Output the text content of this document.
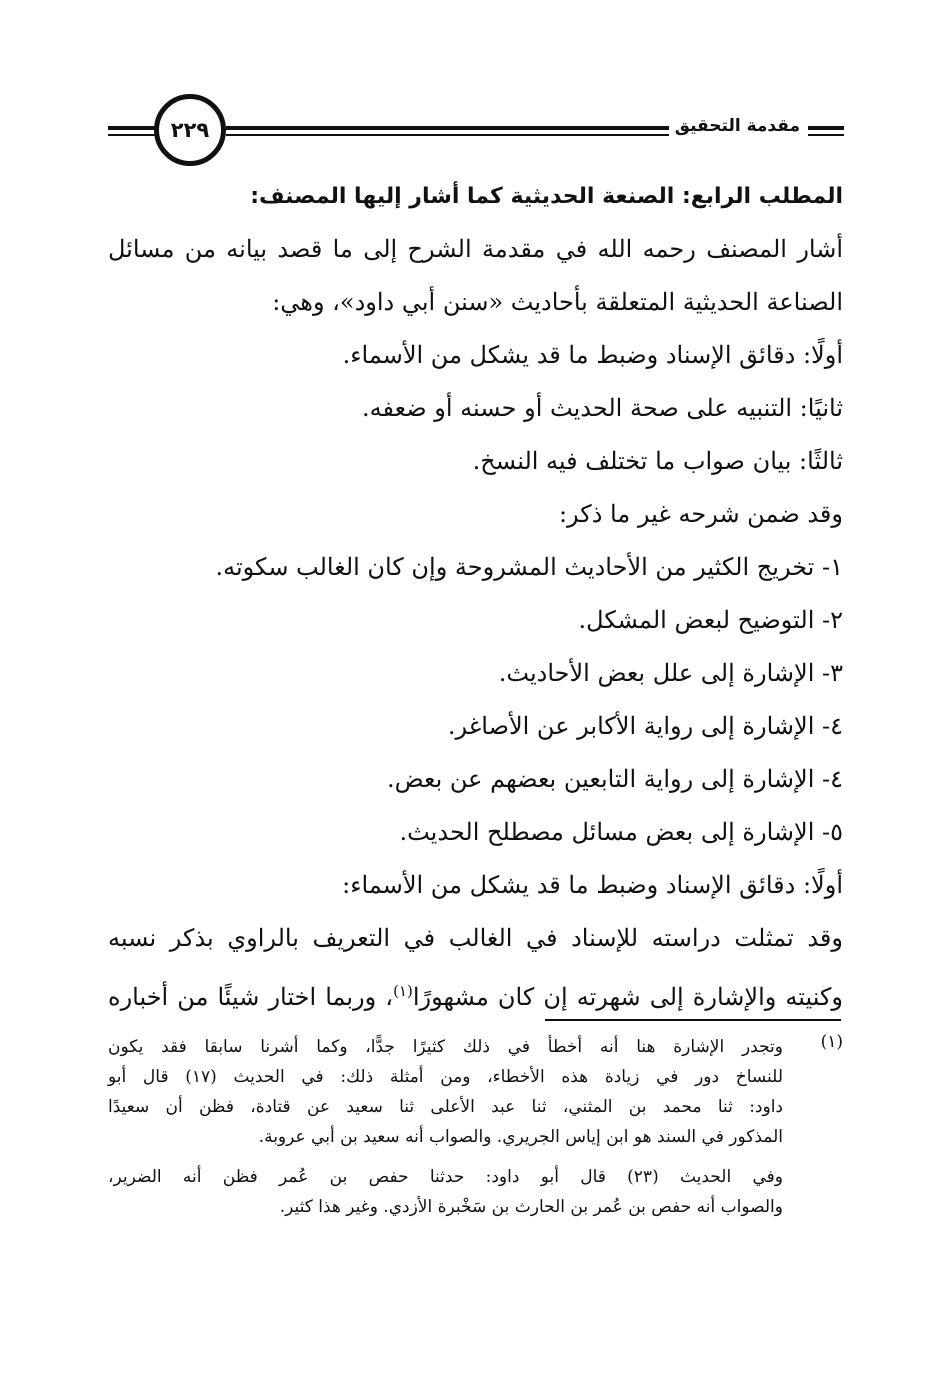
٢٢٩	مقدمة التحقيق
المطلب الرابع: الصنعة الحديثية كما أشار إليها المصنف:
أشار المصنف رحمه الله في مقدمة الشرح إلى ما قصد بيانه من مسائل
الصناعة الحديثية المتعلقة بأحاديث «سنن أبي داود»، وهي:
أولًا: دقائق الإسناد وضبط ما قد يشكل من الأسماء.
ثانيًا: التنبيه على صحة الحديث أو حسنه أو ضعفه.
ثالثًا: بيان صواب ما تختلف فيه النسخ.
وقد ضمن شرحه غير ما ذكر:
١- تخريج الكثير من الأحاديث المشروحة وإن كان الغالب سكوته.
٢- التوضيح لبعض المشكل.
٣- الإشارة إلى علل بعض الأحاديث.
٤- الإشارة إلى رواية الأكابر عن الأصاغر.
٤- الإشارة إلى رواية التابعين بعضهم عن بعض.
٥- الإشارة إلى بعض مسائل مصطلح الحديث.
أولًا: دقائق الإسناد وضبط ما قد يشكل من الأسماء:
وقد تمثلت دراسته للإسناد في الغالب في التعريف بالراوي بذكر نسبه
وكنيته والإشارة إلى شهرته إن كان مشهورًا$^{(١)}$، وربما اختار شيئًا من أخباره
(١)
وتجدر الإشارة هنا أنه أخطأ في ذلك كثيرًا جدًّا، وكما أشرنا سابقا فقد يكون
للنساخ دور في زيادة هذه الأخطاء، ومن أمثلة ذلك: في الحديث (١٧) قال أبو
داود: ثنا محمد بن المثني، ثنا عبد الأعلى ثنا سعيد عن قتادة، فظن أن سعيدًا
المذكور في السند هو ابن إياس الجريري. والصواب أنه سعيد بن أبي عروبة.
وفي الحديث (٢٣) قال أبو داود: حدثنا حفص بن عُمر فظن أنه الضرير،
والصواب أنه حفص بن عُمر بن الحارث بن سَخْبرة الأزدي. وغير هذا كثير.
